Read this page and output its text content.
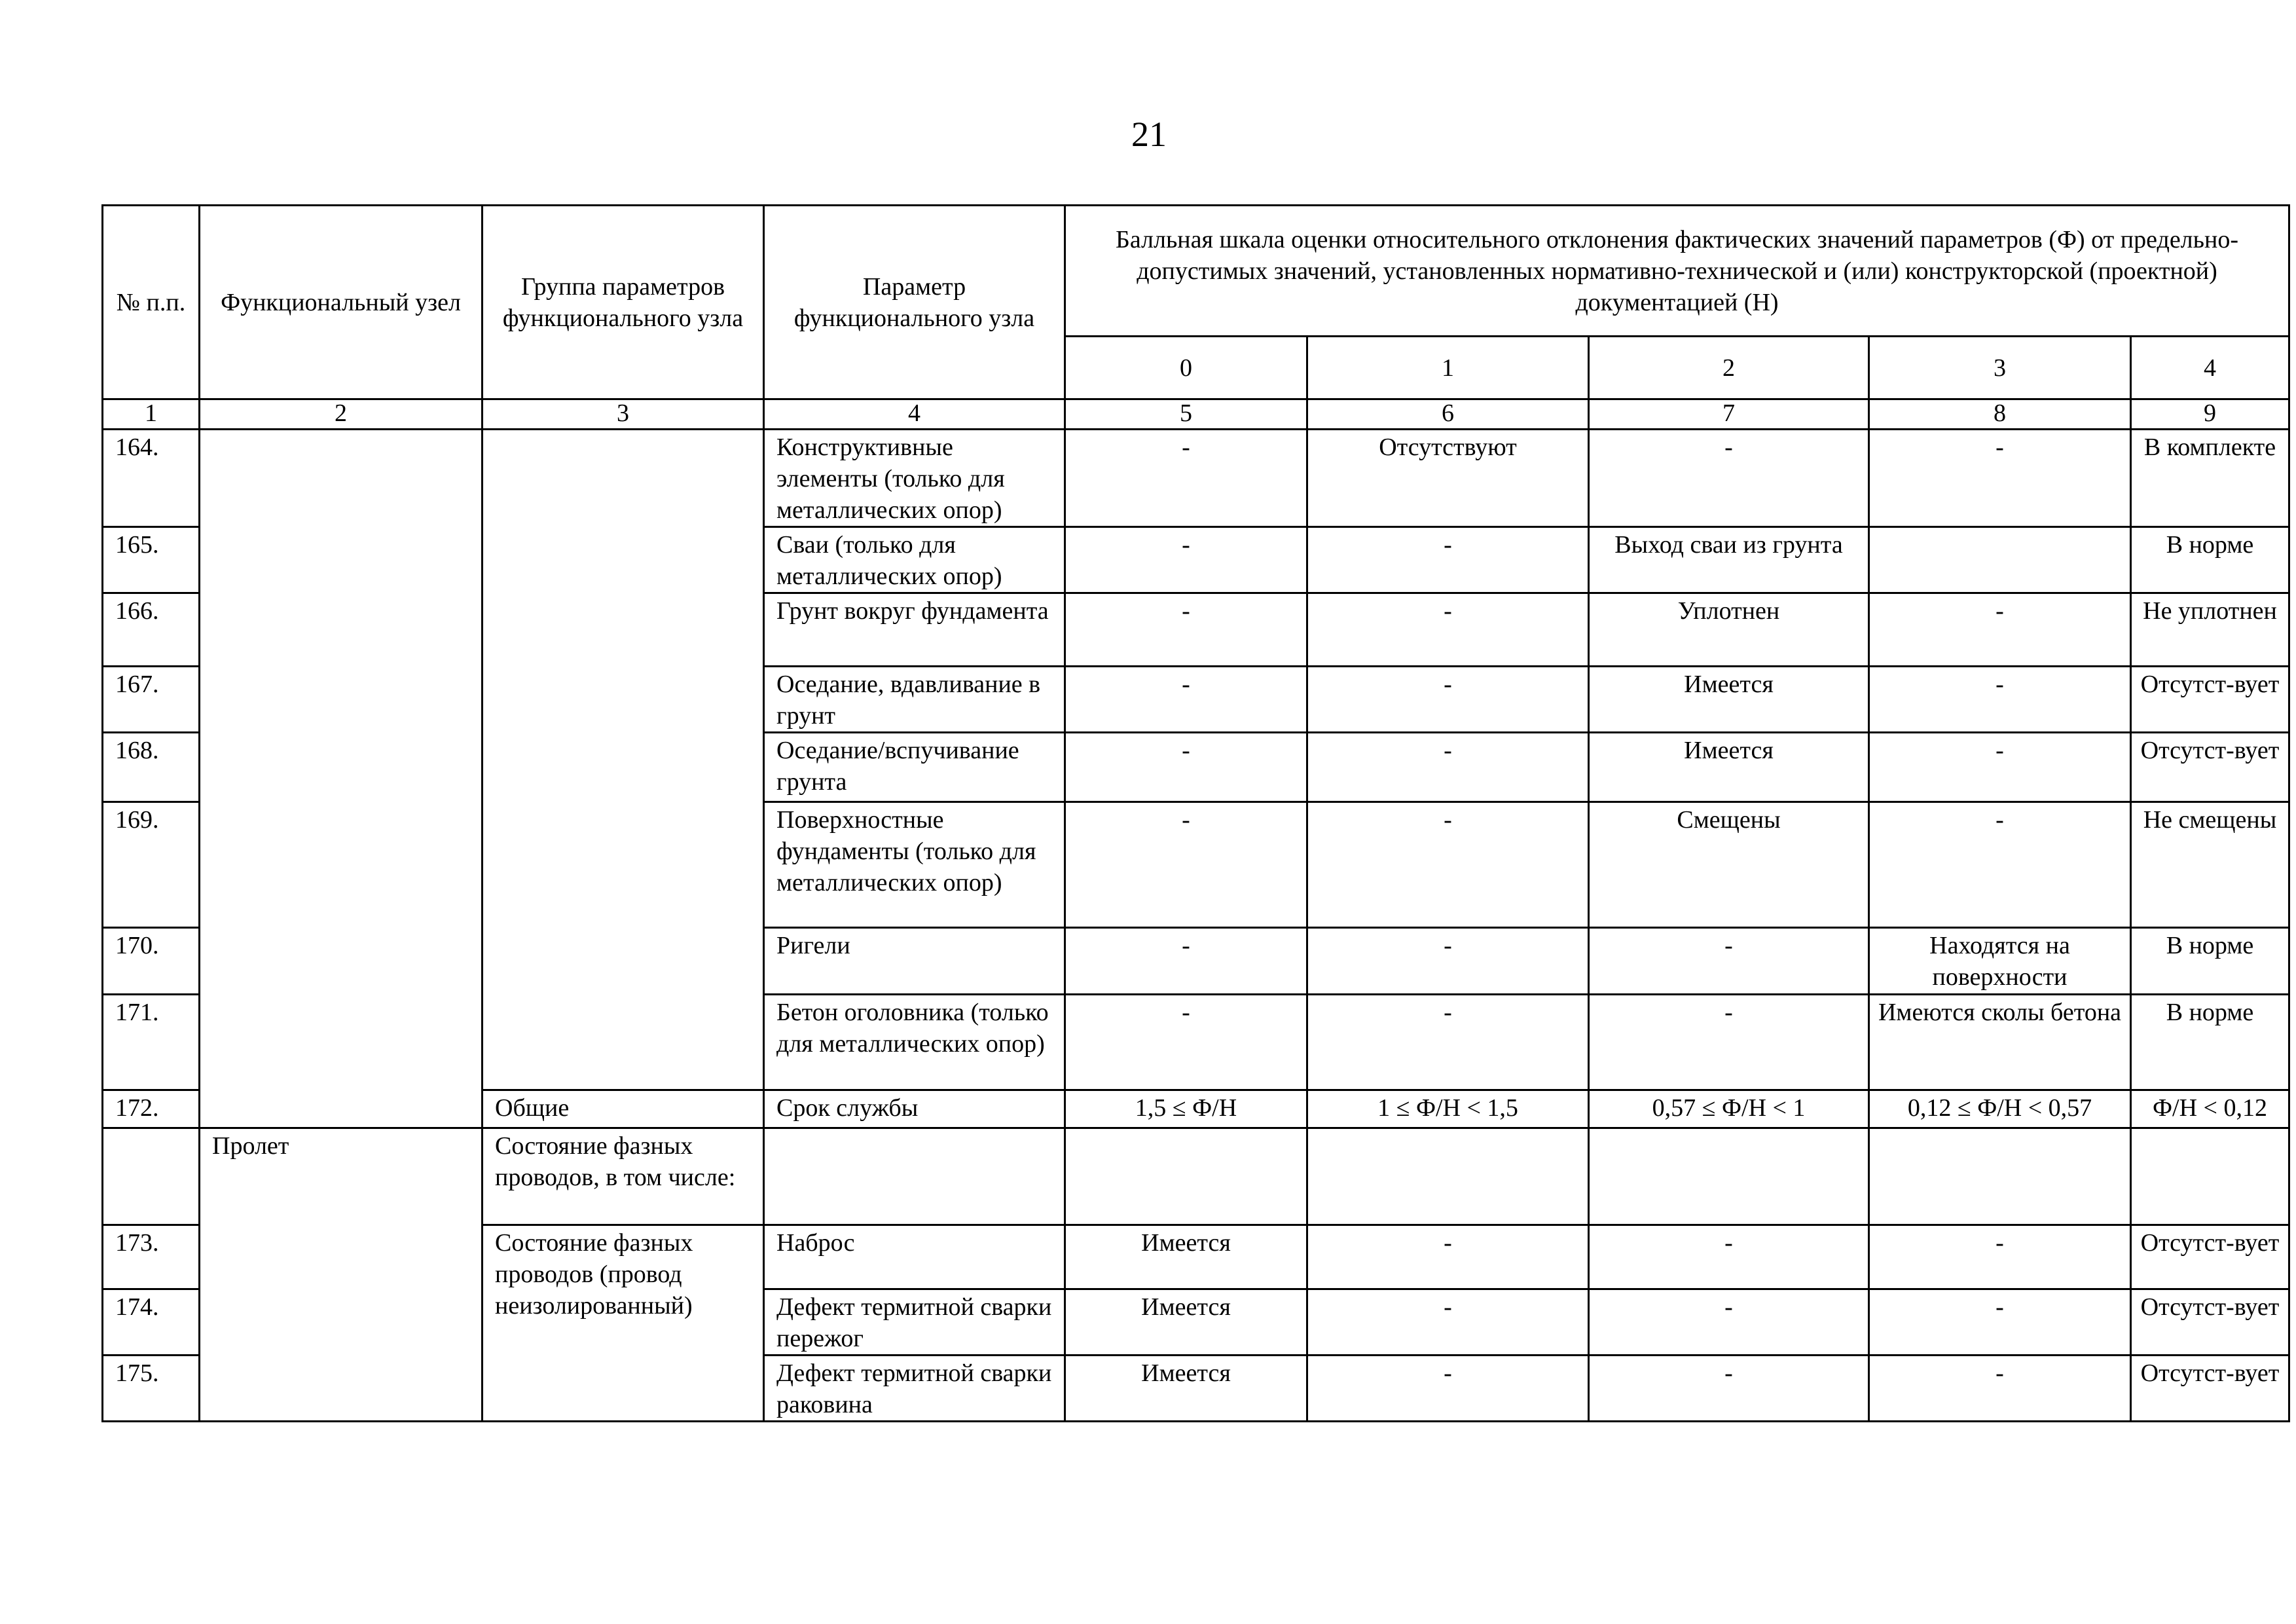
21
№ п.п.	Функциональный узел	Группа параметров функционального узла	Параметр функционального узла	Балльная шкала оценки относительного отклонения фактических значений параметров (Ф) от предельно-допустимых значений, установленных нормативно-технической и (или) конструкторской (проектной) документацией (Н)				
				0	1	2	3	4
1	2	3	4	5	6	7	8	9
164.			Конструктивные элементы (только для металлических опор)	-	Отсутствуют	-	-	В комплекте
165.			Сваи (только для металлических опор)	-	-	Выход сваи из грунта		В норме
166.			Грунт вокруг фундамента	-	-	Уплотнен	-	Не уплотнен
167.			Оседание, вдавливание в грунт	-	-	Имеется	-	Отсутст-вует
168.			Оседание/вспучивание грунта	-	-	Имеется	-	Отсутст-вует
169.			Поверхностные фундаменты (только для металлических опор)	-	-	Смещены	-	Не смещены
170.			Ригели	-	-	-	Находятся на поверхности	В норме
171.			Бетон оголовника (только для металлических опор)	-	-	-	Имеются сколы бетона	В норме
172.		Общие	Срок службы	1,5 ≤ Ф/Н	1 ≤ Ф/Н < 1,5	0,57 ≤ Ф/Н < 1	0,12 ≤ Ф/Н < 0,57	Ф/Н < 0,12
	Пролет	Состояние фазных проводов, в том числе:						
173.		Состояние фазных проводов (провод неизолированный)	Наброс	Имеется	-	-	-	Отсутст-вует
174.			Дефект термитной сварки пережог	Имеется	-	-	-	Отсутст-вует
175.			Дефект термитной сварки раковина	Имеется	-	-	-	Отсутст-вует
